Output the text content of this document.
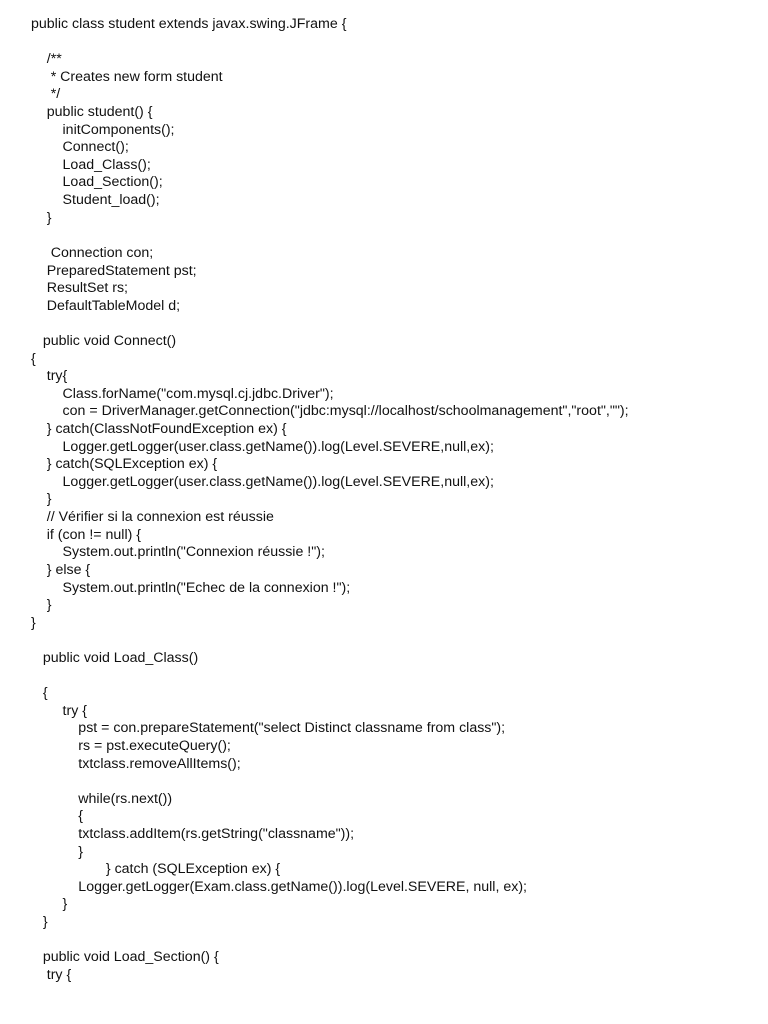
public class student extends javax.swing.JFrame {
/**
* Creates new form student
*/
public student() {
initComponents();
Connect();
Load_Class();
Load_Section();
Student_load();
}
Connection con;
PreparedStatement pst;
ResultSet rs;
DefaultTableModel d;
public void Connect()
{
try{
Class.forName("com.mysql.cj.jdbc.Driver");
con = DriverManager.getConnection("jdbc:mysql://localhost/schoolmanagement","root","");
} catch(ClassNotFoundException ex) {
Logger.getLogger(user.class.getName()).log(Level.SEVERE,null,ex);
} catch(SQLException ex) {
Logger.getLogger(user.class.getName()).log(Level.SEVERE,null,ex);
}
// Vérifier si la connexion est réussie
if (con != null) {
System.out.println("Connexion réussie !");
} else {
System.out.println("Echec de la connexion !");
}
}
public void Load_Class()
{
try {
pst = con.prepareStatement("select Distinct classname from class");
rs = pst.executeQuery();
txtclass.removeAllItems();
while(rs.next())
{
txtclass.addItem(rs.getString("classname"));
}
} catch (SQLException ex) {
Logger.getLogger(Exam.class.getName()).log(Level.SEVERE, null, ex);
}
}
public void Load_Section() {
try {
